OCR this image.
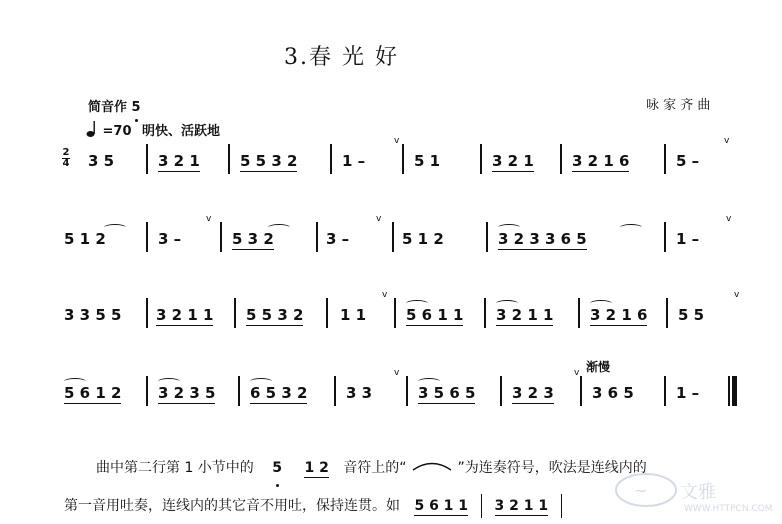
3.春 光 好
咏 家 齐 曲
简音作 5
=70 明快、活跃地
2
4 3 5	3 2 1	5 5 3 2	1 –
v
5 1	3 2 1	3 2 1 6	5 –
v
5 1 2	3 –
v
5 3 2	3 –
v
5 1 2	3 2 3 3 6 5	1 –
v
3 3 5 5 3 2 1 1 5 5 3 2 1 1
v
5 6 1 1 3 2 1 1 3 2 1 6 5 5
v
5 6 1 2 3 2 3 5 6 5 3 2	3 3
v
3 5 6 5 3 2 3
v 渐慢
3 6 5	1 –
曲中第二行第 1 小节中的 5 1 2 音符上的“	”为连奏符号，吹法是连线内的
第一音用吐奏，连线内的其它音不用吐，保持连贯。如 5 6 1 1 3 2 1 1
~ 文雅
WWW.HTTPCN.COM
